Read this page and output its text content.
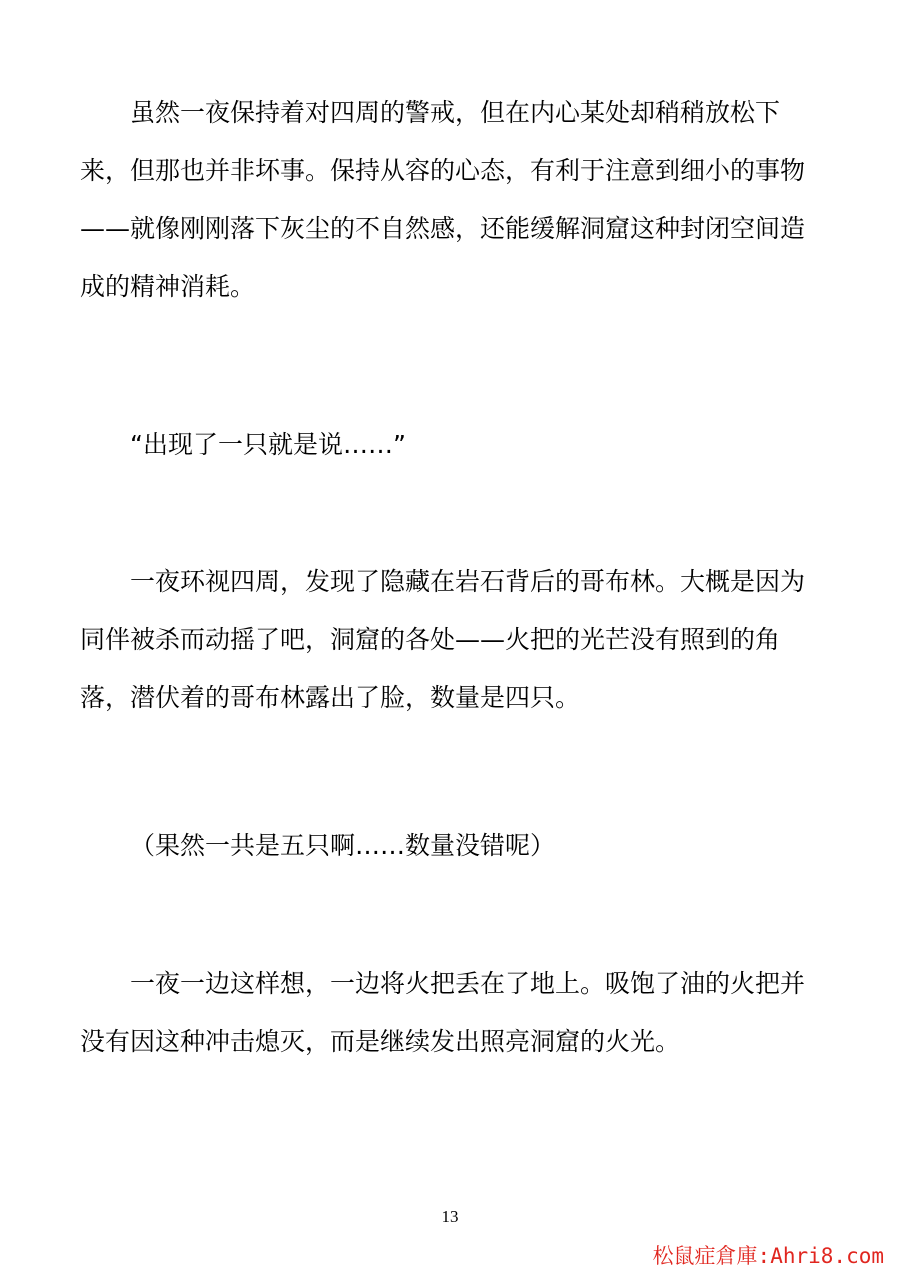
虽然一夜保持着对四周的警戒，但在内心某处却稍稍放松下来，但那也并非坏事。保持从容的心态，有利于注意到细小的事物——就像刚刚落下灰尘的不自然感，还能缓解洞窟这种封闭空间造成的精神消耗。

“出现了一只就是说……”

一夜环视四周，发现了隐藏在岩石背后的哥布林。大概是因为同伴被杀而动摇了吧，洞窟的各处——火把的光芒没有照到的角落，潜伏着的哥布林露出了脸，数量是四只。

（果然一共是五只啊……数量没错呢）

一夜一边这样想，一边将火把丢在了地上。吸饱了油的火把并没有因这种冲击熄灭，而是继续发出照亮洞窟的火光。

13
松鼠症倉庫:Ahri8.com
